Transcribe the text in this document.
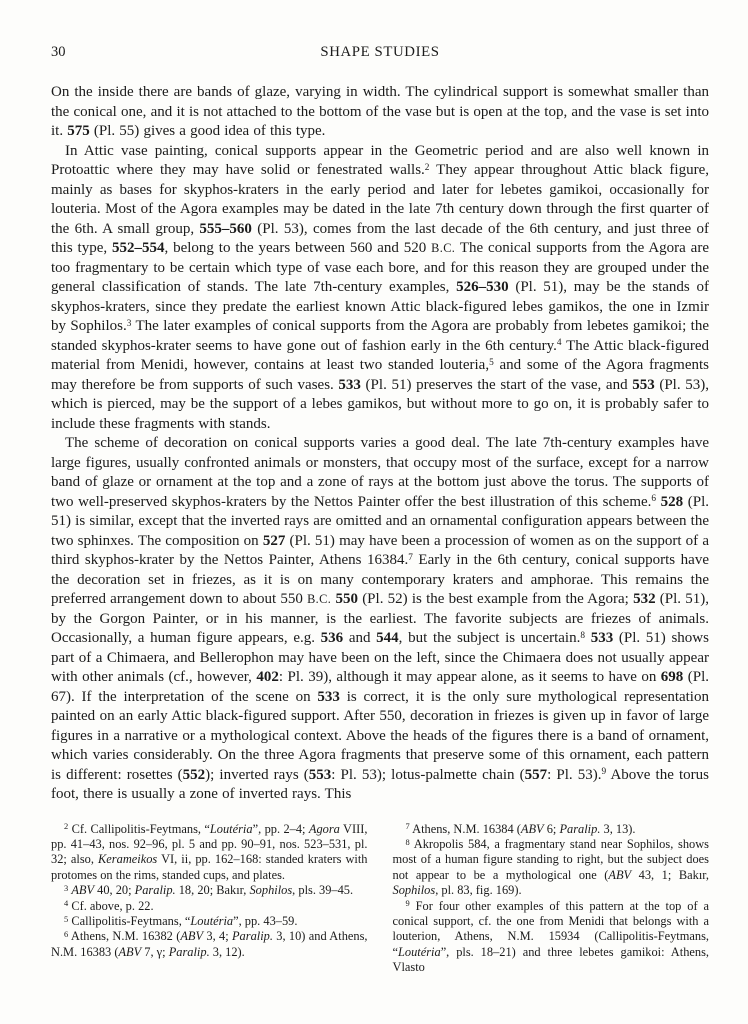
30	SHAPE STUDIES

On the inside there are bands of glaze, varying in width. The cylindrical support is somewhat smaller than the conical one, and it is not attached to the bottom of the vase but is open at the top, and the vase is set into it. 575 (Pl. 55) gives a good idea of this type.

In Attic vase painting, conical supports appear in the Geometric period and are also well known in Protoattic where they may have solid or fenestrated walls.$^2$ They appear throughout Attic black figure, mainly as bases for skyphos-kraters in the early period and later for lebetes gamikoi, occasionally for louteria. Most of the Agora examples may be dated in the late 7th century down through the first quarter of the 6th. A small group, 555–560 (Pl. 53), comes from the last decade of the 6th century, and just three of this type, 552–554, belong to the years between 560 and 520 B.C. The conical supports from the Agora are too fragmentary to be certain which type of vase each bore, and for this reason they are grouped under the general classification of stands. The late 7th-century examples, 526–530 (Pl. 51), may be the stands of skyphos-kraters, since they predate the earliest known Attic black-figured lebes gamikos, the one in Izmir by Sophilos.$^3$ The later examples of conical supports from the Agora are probably from lebetes gamikoi; the standed skyphos-krater seems to have gone out of fashion early in the 6th century.$^4$ The Attic black-figured material from Menidi, however, contains at least two standed louteria,$^5$ and some of the Agora fragments may therefore be from supports of such vases. 533 (Pl. 51) preserves the start of the vase, and 553 (Pl. 53), which is pierced, may be the support of a lebes gamikos, but without more to go on, it is probably safer to include these fragments with stands.

The scheme of decoration on conical supports varies a good deal. The late 7th-century examples have large figures, usually confronted animals or monsters, that occupy most of the surface, except for a narrow band of glaze or ornament at the top and a zone of rays at the bottom just above the torus. The supports of two well-preserved skyphos-kraters by the Nettos Painter offer the best illustration of this scheme.$^6$ 528 (Pl. 51) is similar, except that the inverted rays are omitted and an ornamental configuration appears between the two sphinxes. The composition on 527 (Pl. 51) may have been a procession of women as on the support of a third skyphos-krater by the Nettos Painter, Athens 16384.$^7$ Early in the 6th century, conical supports have the decoration set in friezes, as it is on many contemporary kraters and amphorae. This remains the preferred arrangement down to about 550 B.C. 550 (Pl. 52) is the best example from the Agora; 532 (Pl. 51), by the Gorgon Painter, or in his manner, is the earliest. The favorite subjects are friezes of animals. Occasionally, a human figure appears, e.g. 536 and 544, but the subject is uncertain.$^8$ 533 (Pl. 51) shows part of a Chimaera, and Bellerophon may have been on the left, since the Chimaera does not usually appear with other animals (cf., however, 402: Pl. 39), although it may appear alone, as it seems to have on 698 (Pl. 67). If the interpretation of the scene on 533 is correct, it is the only sure mythological representation painted on an early Attic black-figured support. After 550, decoration in friezes is given up in favor of large figures in a narrative or a mythological context. Above the heads of the figures there is a band of ornament, which varies considerably. On the three Agora fragments that preserve some of this ornament, each pattern is different: rosettes (552); inverted rays (553: Pl. 53); lotus-palmette chain (557: Pl. 53).$^9$ Above the torus foot, there is usually a zone of inverted rays. This

$^2$ Cf. Callipolitis-Feytmans, “Loutéria”, pp. 2–4; Agora VIII, pp. 41–43, nos. 92–96, pl. 5 and pp. 90–91, nos. 523–531, pl. 32; also, Kerameikos VI, ii, pp. 162–168: standed kraters with protomes on the rims, standed cups, and plates.

$^3$ ABV 40, 20; Paralip. 18, 20; Bakır, Sophilos, pls. 39–45.

$^4$ Cf. above, p. 22.

$^5$ Callipolitis-Feytmans, “Loutéria”, pp. 43–59.

$^6$ Athens, N.M. 16382 (ABV 3, 4; Paralip. 3, 10) and Athens, N.M. 16383 (ABV 7, γ; Paralip. 3, 12).

$^7$ Athens, N.M. 16384 (ABV 6; Paralip. 3, 13).

$^8$ Akropolis 584, a fragmentary stand near Sophilos, shows most of a human figure standing to right, but the subject does not appear to be a mythological one (ABV 43, 1; Bakır, Sophilos, pl. 83, fig. 169).

$^9$ For four other examples of this pattern at the top of a conical support, cf. the one from Menidi that belongs with a louterion, Athens, N.M. 15934 (Callipolitis-Feytmans, “Loutéria”, pls. 18–21) and three lebetes gamikoi: Athens, Vlasto
